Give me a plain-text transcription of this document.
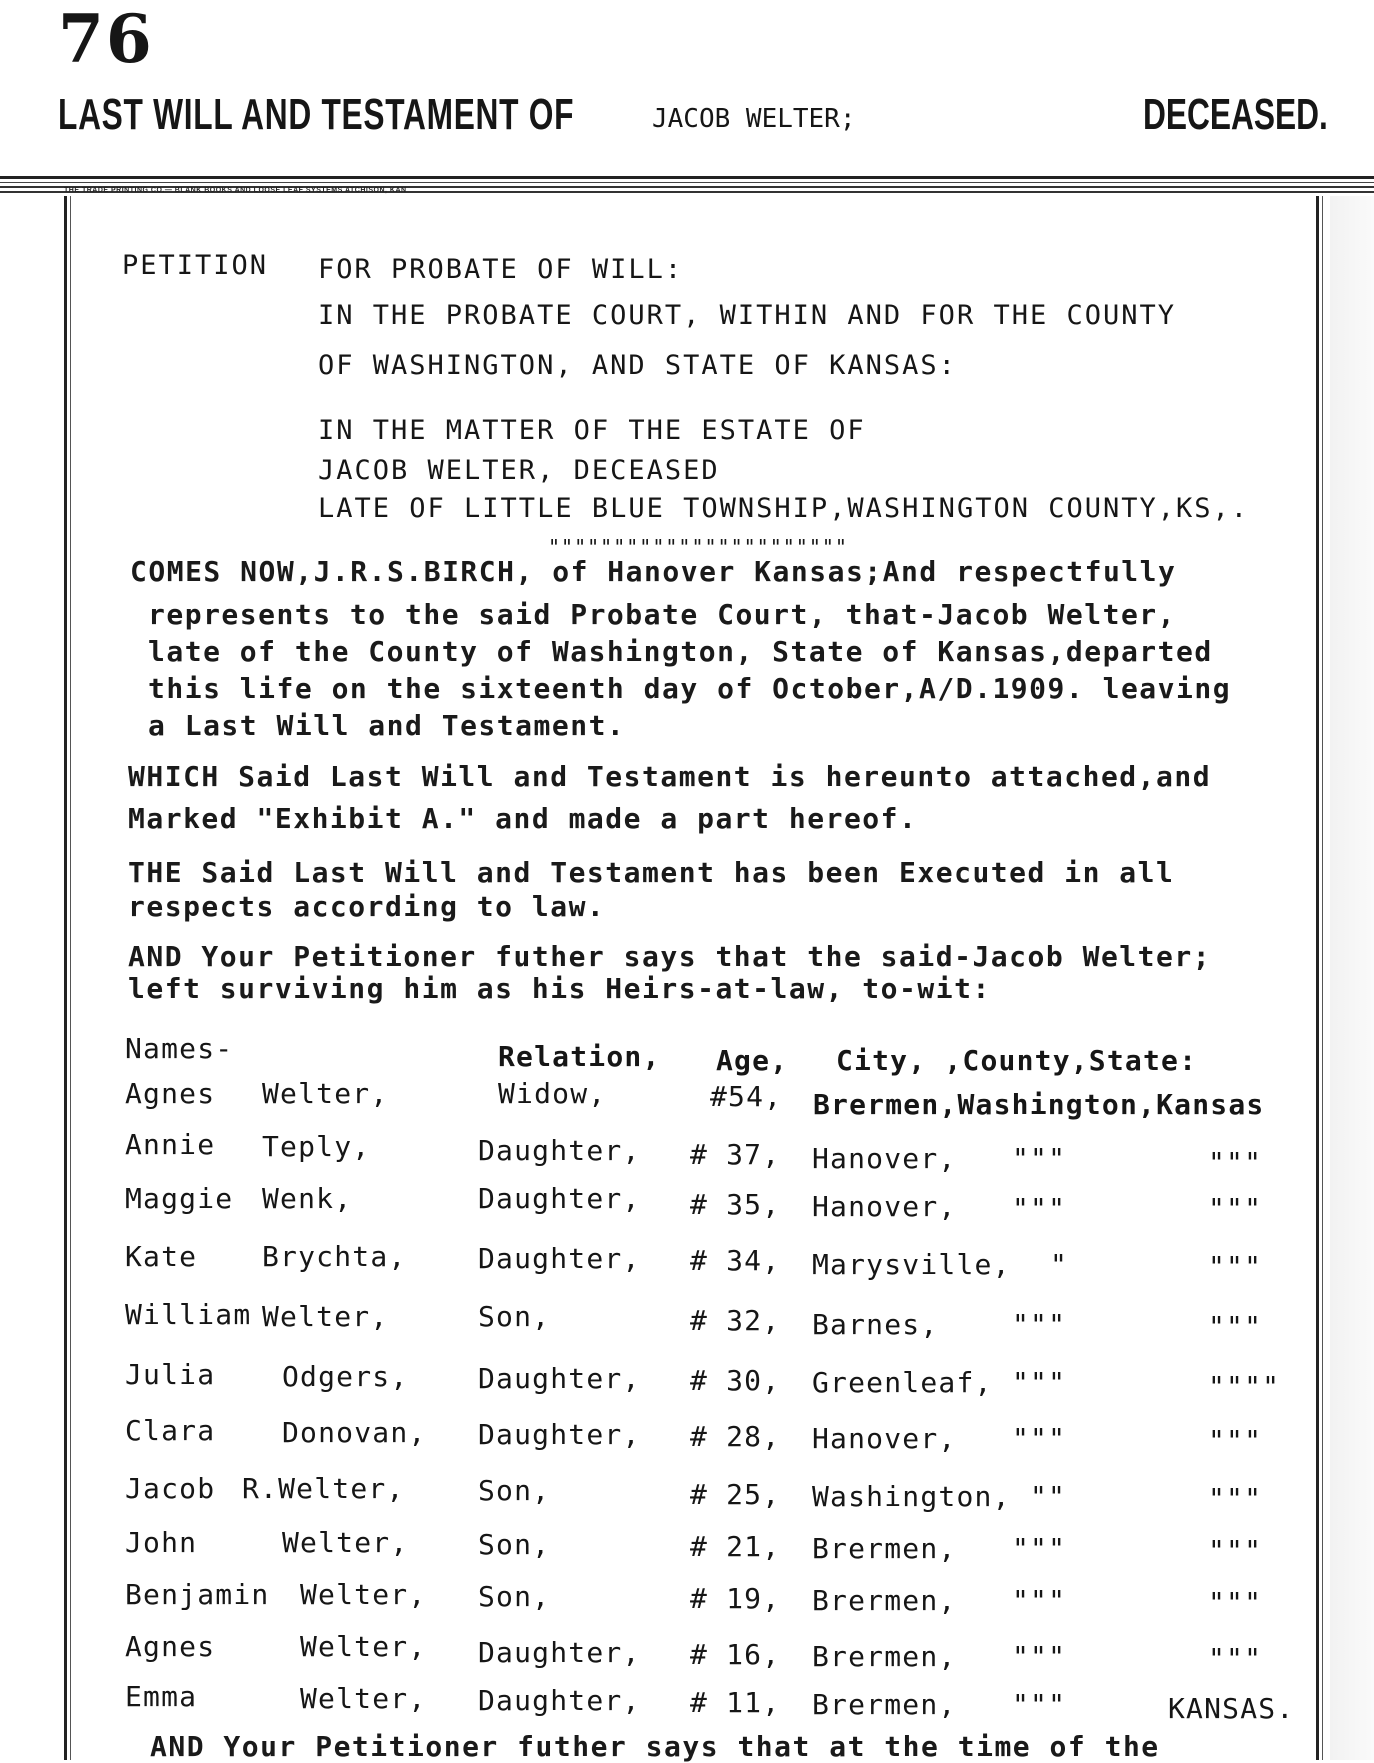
76
LAST WILL AND TESTAMENT OF	JACOB WELTER;	DECEASED.
THE TRADE PRINTING CO.— BLANK BOOKS AND LOOSE LEAF SYSTEMS ATCHISON, KAN
PETITION FOR PROBATE OF WILL:
IN THE PROBATE COURT, WITHIN AND FOR THE COUNTY
OF WASHINGTON, AND STATE OF KANSAS:
IN THE MATTER OF THE ESTATE OF
JACOB WELTER, DECEASED
LATE OF LITTLE BLUE TOWNSHIP,WASHINGTON COUNTY,KS,.
"""""""""""""""""""""""
COMES NOW,J.R.S.BIRCH, of Hanover Kansas;And respectfully
represents to the said Probate Court, that-Jacob Welter,
late of the County of Washington, State of Kansas,departed
this life on the sixteenth day of October,A/D.1909. leaving
a Last Will and Testament.
WHICH Said Last Will and Testament is hereunto attached,and
Marked "Exhibit A." and made a part hereof.
THE Said Last Will and Testament has been Executed in all
respects according to law.
AND Your Petitioner futher says that the said-Jacob Welter;
left surviving him as his Heirs-at-law, to-wit:
Names-	Relation, Age, City, ,County,State:
Agnes Welter,	Widow,	#54, Brermen,Washington,Kansas
Annie Teply,	Daughter, # 37, Hanover, """	"""
Maggie Wenk,	Daughter, # 35, Hanover, """	"""
Kate Brychta,	Daughter, # 34, Marysville, "	"""
William Welter,	Son,	# 32, Barnes,	"""	"""
Julia Odgers, Daughter, # 30, Greenleaf, """	""""
Clara Donovan, Daughter, # 28, Hanover, """	"""
Jacob R.Welter,	Son,	# 25, Washington, ""	"""
John	Welter, Son,	# 21, Brermen, """	"""
Benjamin Welter, Son,	# 19, Brermen, """	"""
Agnes	Welter, Daughter, # 16, Brermen, """	"""
Emma	Welter, Daughter, # 11, Brermen, """	KANSAS.
AND Your Petitioner futher says that at the time of the
